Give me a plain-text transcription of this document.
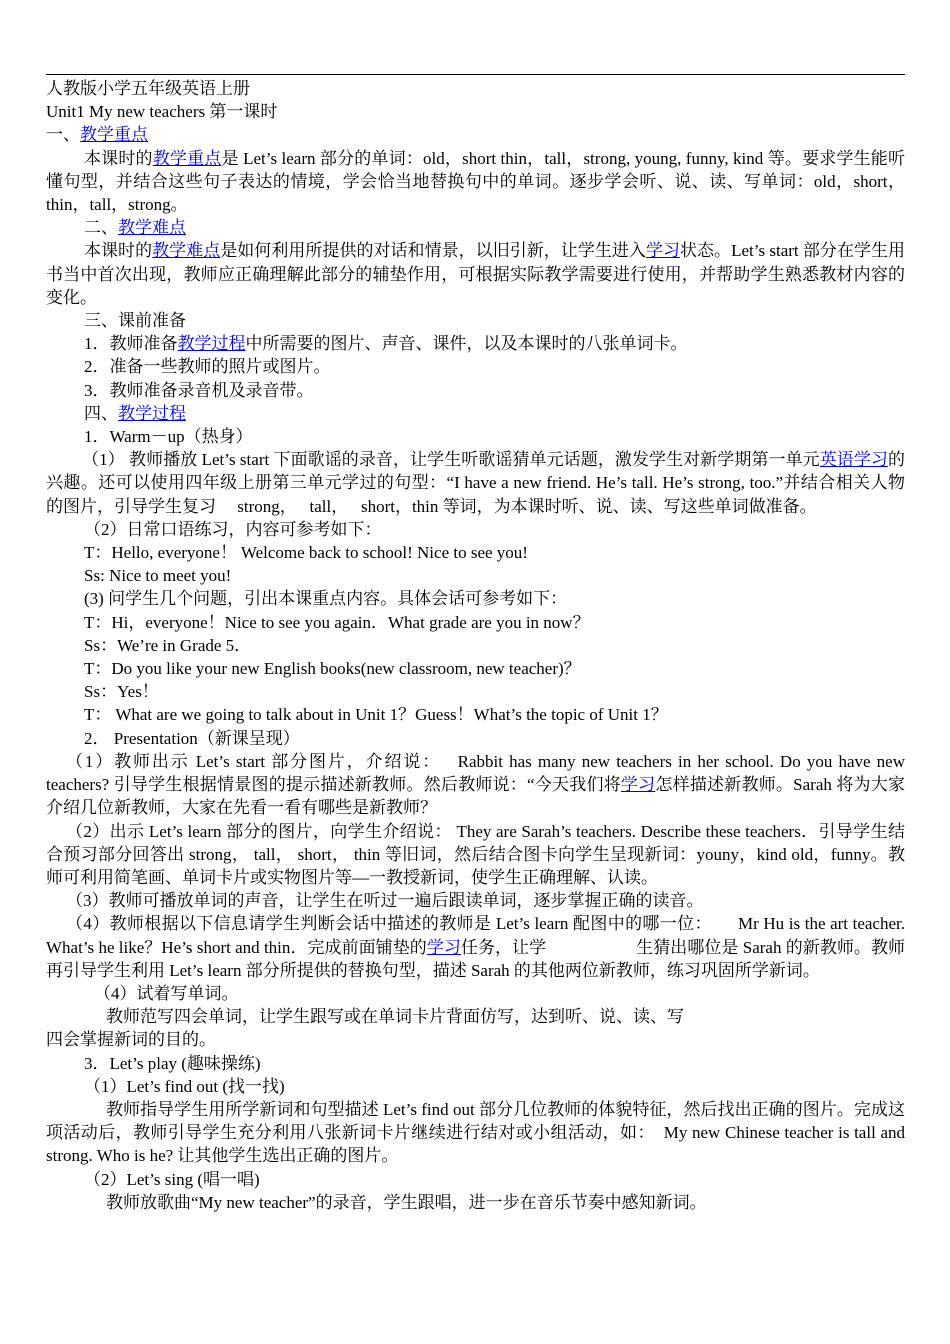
人教版小学五年级英语上册

Unit1 My new teachers 第一课时

一、教学重点

本课时的教学重点是 Let’s learn 部分的单词：old，short thin，tall，strong, young, funny, kind 等。要求学生能听懂句型，并结合这些句子表达的情境，学会恰当地替换句中的单词。逐步学会听、说、读、写单词：old，short，thin，tall，strong。

二、教学难点

本课时的教学难点是如何利用所提供的对话和情景，以旧引新，让学生进入学习状态。Let’s start 部分在学生用书当中首次出现，教师应正确理解此部分的辅垫作用，可根据实际教学需要进行使用，并帮助学生熟悉教材内容的变化。

三、课前准备

1．教师准备教学过程中所需要的图片、声音、课件，以及本课时的八张单词卡。

2．准备一些教师的照片或图片。

3．教师准备录音机及录音带。

四、教学过程

1．Warm－up（热身）

（1） 教师播放 Let’s start 下面歌谣的录音，让学生听歌谣猜单元话题，激发学生对新学期第一单元英语学习的兴趣。还可以使用四年级上册第三单元学过的句型：“I have a new friend. He’s tall. He’s strong, too.”并结合相关人物的图片，引导学生复习　 strong，　 tall，　 short，thin 等词，为本课时听、说、读、写这些单词做准备。

（2）日常口语练习，内容可参考如下：

T：Hello, everyone！ Welcome back to school! Nice to see you!

Ss: Nice to meet you!

(3) 问学生几个问题，引出本课重点内容。具体会话可参考如下：

T：Hi，everyone！Nice to see you again．What grade are you in now？

Ss：We’re in Grade 5．

T：Do you like your new English books(new classroom, new teacher)？

Ss：Yes！

T： What are we going to talk about in Unit 1？Guess！What’s the topic of Unit 1？

2． Presentation（新课呈现）

（1）教师出示 Let’s start 部分图片，介绍说：　 Rabbit has many new teachers in her school. Do you have new teachers? 引导学生根据情景图的提示描述新教师。然后教师说：“今天我们将学习怎样描述新教师。Sarah 将为大家介绍几位新教师，大家在先看一看有哪些是新教师？

（2）出示 Let’s learn 部分的图片，向学生介绍说： They are Sarah’s teachers. Describe these teachers．引导学生结合预习部分回答出 strong， tall， short， thin 等旧词，然后结合图卡向学生呈现新词：youny，kind old，funny。教师可利用简笔画、单词卡片或实物图片等—一教授新词，使学生正确理解、认读。

（3）教师可播放单词的声音，让学生在听过一遍后跟读单词，逐步掌握正确的读音。

（4）教师根据以下信息请学生判断会话中描述的教师是 Let’s learn 配图中的哪一位：　　Mr Hu is the art teacher. What’s he like？He’s short and thin．完成前面铺垫的学习任务，让学	生猜出哪位是 Sarah 的新教师。教师再引导学生利用 Let’s learn 部分所提供的替换句型，描述 Sarah 的其他两位新教师，练习巩固所学新词。

（4）试着写单词。

教师范写四会单词，让学生跟写或在单词卡片背面仿写，达到听、说、读、写

四会掌握新词的目的。

3．Let’s play (趣味操练)

（1）Let’s find out (找一找)

教师指导学生用所学新词和句型描述 Let’s find out 部分几位教师的体貌特征，然后找出正确的图片。完成这项活动后，教师引导学生充分利用八张新词卡片继续进行结对或小组活动，如：　My new Chinese teacher is tall and strong. Who is he? 让其他学生选出正确的图片。

（2）Let’s sing (唱一唱)

教师放歌曲“My new teacher”的录音，学生跟唱，进一步在音乐节奏中感知新词。
